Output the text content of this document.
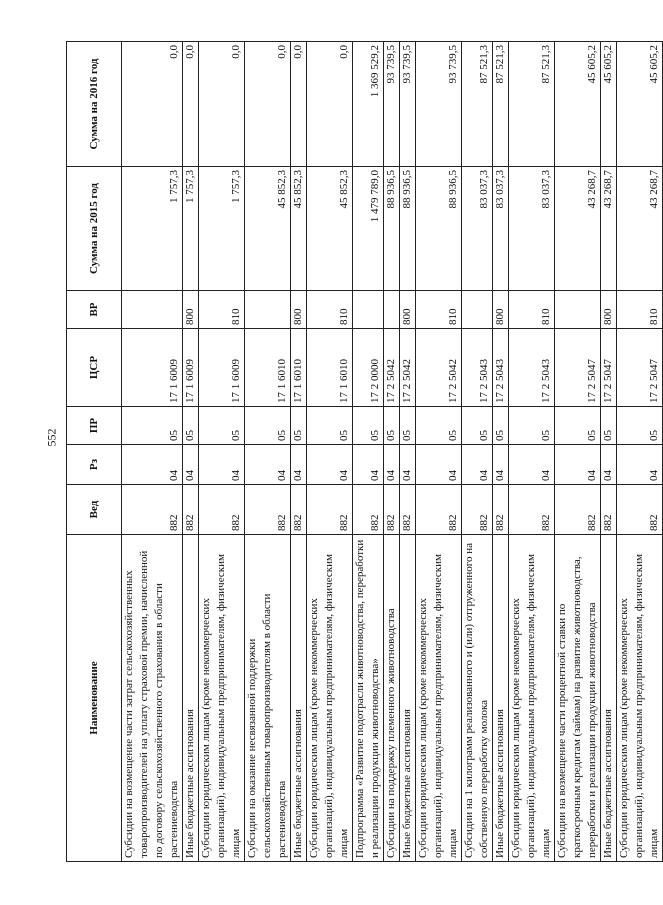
552
Наименование	Вед	Рз	ПР	ЦСР	ВР	Сумма на 2015 год	Сумма на 2016 год
Субсидии на возмещение части затрат сельскохозяйственных товаропроизводителей на уплату страховой премии, начисленной по договору сельскохозяйственного страхования в области растениеводства	882	04	05	17 1 6009		1 757,3	0,0
Иные бюджетные ассигнования	882	04	05	17 1 6009	800	1 757,3	0,0
Субсидии юридическим лицам (кроме некоммерческих организаций), индивидуальным предпринимателям, физическим лицам	882	04	05	17 1 6009	810	1 757,3	0,0
Субсидии на оказание несвязанной поддержки сельскохозяйственным товаропроизводителям в области растениеводства	882	04	05	17 1 6010		45 852,3	0,0
Иные бюджетные ассигнования	882	04	05	17 1 6010	800	45 852,3	0,0
Субсидии юридическим лицам (кроме некоммерческих организаций), индивидуальным предпринимателям, физическим лицам	882	04	05	17 1 6010	810	45 852,3	0,0
Подпрограмма «Развитие подотрасли животноводства, переработки и реализации продукции животноводства»	882	04	05	17 2 0000		1 479 789,0	1 369 529,2
Субсидии на поддержку племенного животноводства	882	04	05	17 2 5042		88 936,5	93 739,5
Иные бюджетные ассигнования	882	04	05	17 2 5042	800	88 936,5	93 739,5
Субсидии юридическим лицам (кроме некоммерческих организаций), индивидуальным предпринимателям, физическим лицам	882	04	05	17 2 5042	810	88 936,5	93 739,5
Субсидии на 1 килограмм реализованного и (или) отгруженного на собственную переработку молока	882	04	05	17 2 5043		83 037,3	87 521,3
Иные бюджетные ассигнования	882	04	05	17 2 5043	800	83 037,3	87 521,3
Субсидии юридическим лицам (кроме некоммерческих организаций), индивидуальным предпринимателям, физическим лицам	882	04	05	17 2 5043	810	83 037,3	87 521,3
Субсидии на возмещение части процентной ставки по краткосрочным кредитам (займам) на развитие животноводства, переработки и реализации продукции животноводства	882	04	05	17 2 5047		43 268,7	45 605,2
Иные бюджетные ассигнования	882	04	05	17 2 5047	800	43 268,7	45 605,2
Субсидии юридическим лицам (кроме некоммерческих организаций), индивидуальным предпринимателям, физическим лицам	882	04	05	17 2 5047	810	43 268,7	45 605,2
